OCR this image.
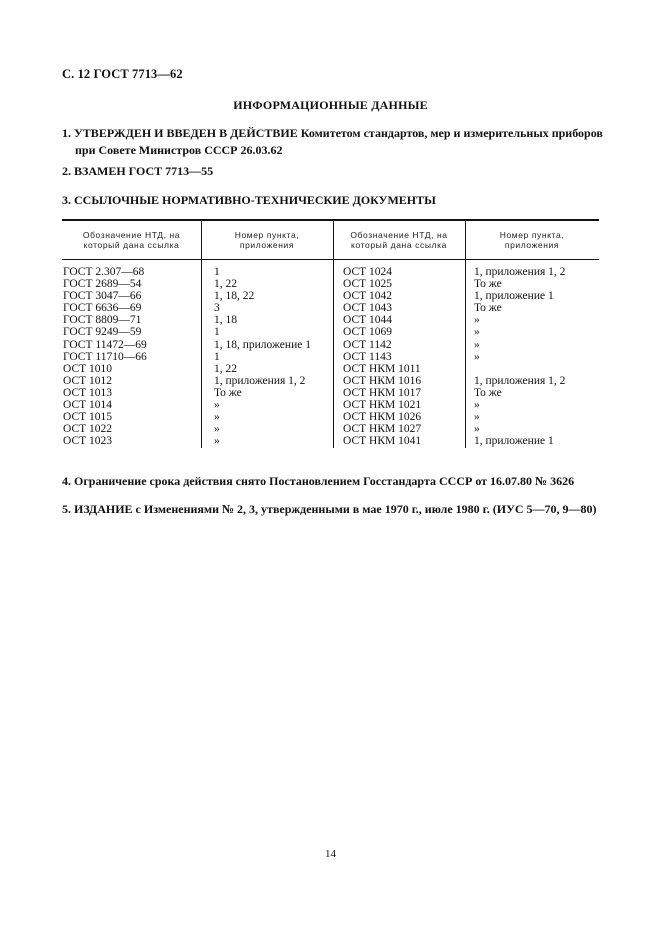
С. 12 ГОСТ 7713—62
ИНФОРМАЦИОННЫЕ ДАННЫЕ
1. УТВЕРЖДЕН И ВВЕДЕН В ДЕЙСТВИЕ Комитетом стандартов, мер и измерительных приборов
при Совете Министров СССР 26.03.62
2. ВЗАМЕН ГОСТ 7713—55
3. ССЫЛОЧНЫЕ НОРМАТИВНО-ТЕХНИЧЕСКИЕ ДОКУМЕНТЫ
Обозначение НТД, на
который дана ссылка
Номер пункта,
приложения
Обозначение НТД, на
который дана ссылка
Номер пункта,
приложения
ГОСТ 2.307—68
ГОСТ 2689—54
ГОСТ 3047—66
ГОСТ 6636—69
ГОСТ 8809—71
ГОСТ 9249—59
ГОСТ 11472—69
ГОСТ 11710—66
ОСТ 1010
ОСТ 1012
ОСТ 1013
ОСТ 1014
ОСТ 1015
ОСТ 1022
ОСТ 1023
1
1, 22
1, 18, 22
3
1, 18
1
1, 18, приложение 1
1
1, 22
1, приложения 1, 2
То же
»
»
»
»
ОСТ 1024
ОСТ 1025
ОСТ 1042
ОСТ 1043
ОСТ 1044
ОСТ 1069
ОСТ 1142
ОСТ 1143
ОСТ НКМ 1011
ОСТ НКМ 1016
ОСТ НКМ 1017
ОСТ НКМ 1021
ОСТ НКМ 1026
ОСТ НКМ 1027
ОСТ НКМ 1041
1, приложения 1, 2
То же
1, приложение 1
То же
»
»
»
»
1, приложения 1, 2
То же
»
»
»
1, приложение 1
4. Ограничение срока действия снято Постановлением Госстандарта СССР от 16.07.80 № 3626
5. ИЗДАНИЕ с Изменениями № 2, 3, утвержденными в мае 1970 г., июле 1980 г. (ИУС 5—70, 9—80)
14
